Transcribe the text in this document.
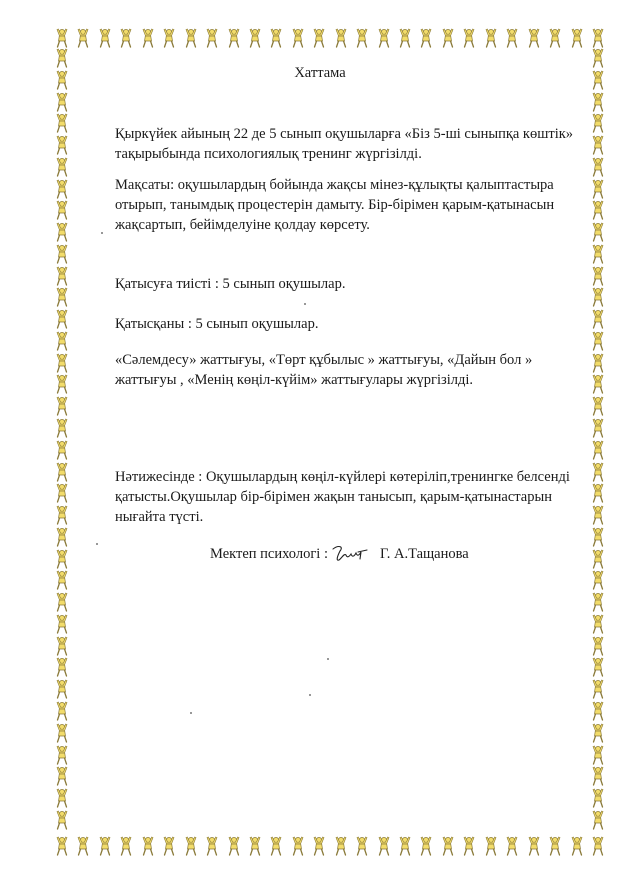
Хаттама

Қыркүйек айының 22 де 5 сынып оқушыларға «Біз 5-ші сыныпқа көштік» тақырыбында психологиялық тренинг жүргізілді.

Мақсаты: оқушылардың бойында жақсы мінез-құлықты қалыптастыра отырып, танымдық процестерін дамыту. Бір-бірімен қарым-қатынасын жақсартып, бейімделуіне қолдау көрсету.

Қатысуға тиісті : 5 сынып оқушылар.

Қатысқаны : 5 сынып оқушылар.

«Сәлемдесу» жаттығуы, «Төрт құбылыс » жаттығуы, «Дайын бол » жаттығуы , «Менің көңіл-күйім» жаттығулары жүргізілді.

Нәтижесінде : Оқушылардың көңіл-күйлері көтеріліп,тренингке белсенді қатысты.Оқушылар бір-бірімен жақын танысып, қарым-қатынастарын нығайта түсті.

Мектеп психологі :	Г. А.Тащанова
